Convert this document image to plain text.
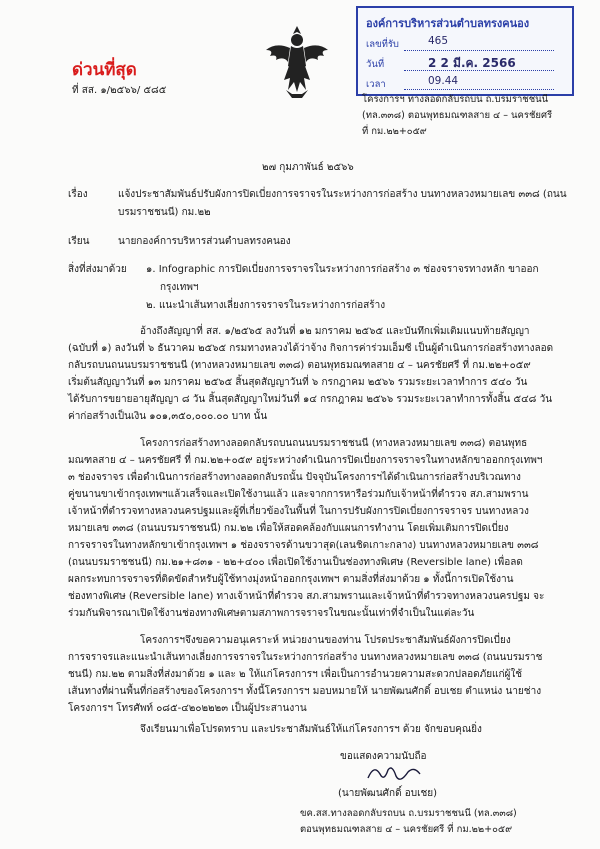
องค์การบริหารส่วนตำบลทรงคนอง
เลขที่รับ	465
วันที่	2 2 มี.ค. 2566
เวลา	09.44
ด่วนที่สุด
ที่ สส. ๑/๒๕๖๖/ ๕๘๕
โครงการฯ ทางลอดกลับรถบน ถ.บรมราชชนนี
(ทล.๓๓๘) ตอนพุทธมณฑลสาย ๔ – นครชัยศรี
ที่ กม.๒๒+๐๕๙
๒๗ กุมภาพันธ์ ๒๕๖๖
เรื่อง	แจ้งประชาสัมพันธ์ปรับผังการปิดเบี่ยงการจราจรในระหว่างการก่อสร้าง บนทางหลวงหมายเลข ๓๓๘ (ถนน
บรมราชชนนี) กม.๒๒
เรียน	นายกองค์การบริหารส่วนตำบลทรงคนอง
สิ่งที่ส่งมาด้วย ๑. Infographic การปิดเบี่ยงการจราจรในระหว่างการก่อสร้าง ๓ ช่องจราจรทางหลัก ขาออก
กรุงเทพฯ
๒. แนะนำเส้นทางเลี่ยงการจราจรในระหว่างการก่อสร้าง
อ้างถึงสัญญาที่ สส. ๑/๒๕๖๕ ลงวันที่ ๑๒ มกราคม ๒๕๖๕ และบันทึกเพิ่มเติมแนบท้ายสัญญา
(ฉบับที่ ๑) ลงวันที่ ๖ ธันวาคม ๒๕๖๕ กรมทางหลวงได้ว่าจ้าง กิจการค่าร่วมเอ็มซี เป็นผู้ดำเนินการก่อสร้างทางลอด
กลับรถบนถนนบรมราชชนนี (ทางหลวงหมายเลข ๓๓๘) ตอนพุทธมณฑลสาย ๔ – นครชัยศรี ที่ กม.๒๒+๐๕๙
เริ่มต้นสัญญาวันที่ ๑๓ มกราคม ๒๕๖๕ สิ้นสุดสัญญาวันที่ ๖ กรกฎาคม ๒๕๖๖ รวมระยะเวลาทำการ ๕๔๐ วัน
ได้รับการขยายอายุสัญญา ๘ วัน สิ้นสุดสัญญาใหม่วันที่ ๑๔ กรกฎาคม ๒๕๖๖ รวมระยะเวลาทำการทั้งสิ้น ๕๔๘ วัน
ค่าก่อสร้างเป็นเงิน ๑๐๑,๓๕๐,๐๐๐.๐๐ บาท นั้น
โครงการก่อสร้างทางลอดกลับรถบนถนนบรมราชชนนี (ทางหลวงหมายเลข ๓๓๘) ตอนพุทธ
มณฑลสาย ๔ – นครชัยศรี ที่ กม.๒๒+๐๕๙ อยู่ระหว่างดำเนินการปิดเบี่ยงการจราจรในทางหลักขาออกกรุงเทพฯ
๓ ช่องจราจร เพื่อดำเนินการก่อสร้างทางลอดกลับรถนั้น ปัจจุบันโครงการฯได้ดำเนินการก่อสร้างบริเวณทาง
คู่ขนานขาเข้ากรุงเทพฯแล้วเสร็จและเปิดใช้งานแล้ว และจากการหารือร่วมกับเจ้าหน้าที่ตำรวจ สภ.สามพราน
เจ้าหน้าที่ตำรวจทางหลวงนครปฐมและผู้ที่เกี่ยวข้องในพื้นที่ ในการปรับผังการปิดเบี่ยงการจราจร บนทางหลวง
หมายเลข ๓๓๘ (ถนนบรมราชชนนี) กม.๒๒ เพื่อให้สอดคล้องกับแผนการทำงาน โดยเพิ่มเติมการปิดเบี่ยง
การจราจรในทางหลักขาเข้ากรุงเทพฯ ๑ ช่องจราจรด้านขวาสุด(เลนชิดเกาะกลาง) บนทางหลวงหมายเลข ๓๓๘
(ถนนบรมราชชนนี) กม.๒๑+๘๓๑ - ๒๒+๔๐๐ เพื่อเปิดใช้งานเป็นช่องทางพิเศษ (Reversible lane) เพื่อลด
ผลกระทบการจราจรที่ติดขัดสำหรับผู้ใช้ทางมุ่งหน้าออกกรุงเทพฯ ตามสิ่งที่ส่งมาด้วย ๑ ทั้งนี้การเปิดใช้งาน
ช่องทางพิเศษ (Reversible lane) ทางเจ้าหน้าที่ตำรวจ สภ.สามพรานและเจ้าหน้าที่ตำรวจทางหลวงนครปฐม จะ
ร่วมกันพิจารณาเปิดใช้งานช่องทางพิเศษตามสภาพการจราจรในขณะนั้นเท่าที่จำเป็นในแต่ละวัน
โครงการฯจึงขอความอนุเคราะห์ หน่วยงานของท่าน โปรดประชาสัมพันธ์ผังการปิดเบี่ยง
การจราจรและแนะนำเส้นทางเลี่ยงการจราจรในระหว่างการก่อสร้าง บนทางหลวงหมายเลข ๓๓๘ (ถนนบรมราช
ชนนี) กม.๒๒ ตามสิ่งที่ส่งมาด้วย ๑ และ ๒ ให้แก่โครงการฯ เพื่อเป็นการอำนวยความสะดวกปลอดภัยแก่ผู้ใช้
เส้นทางที่ผ่านพื้นที่ก่อสร้างของโครงการฯ ทั้งนี้โครงการฯ มอบหมายให้ นายพัฒนศักดิ์ อบเชย ตำแหน่ง นายช่าง
โครงการฯ โทรศัพท์ ๐๘๕-๔๒๐๒๒๒๓ เป็นผู้ประสานงาน
จึงเรียนมาเพื่อโปรดทราบ และประชาสัมพันธ์ให้แก่โครงการฯ ด้วย จักขอบคุณยิ่ง
ขอแสดงความนับถือ
(นายพัฒนศักดิ์ อบเชย)
ขค.สส.ทางลอดกลับรถบน ถ.บรมราชชนนี (ทล.๓๓๘)
ตอนพุทธมณฑลสาย ๔ – นครชัยศรี ที่ กม.๒๒+๐๕๙
